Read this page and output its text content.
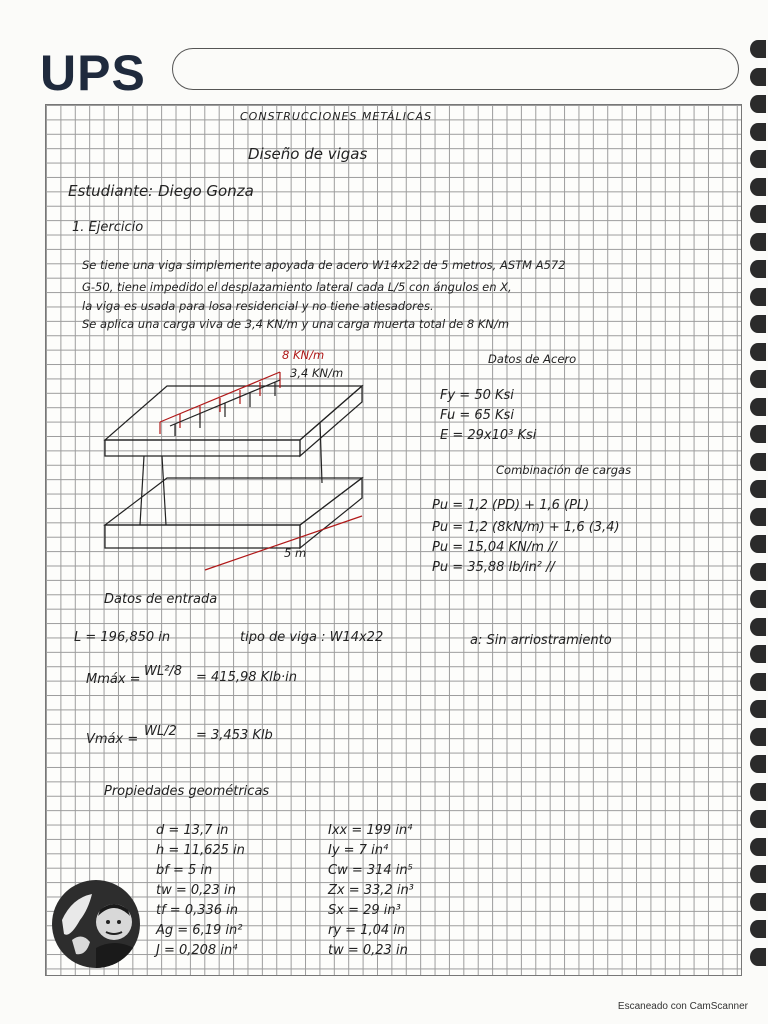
UPS
CONSTRUCCIONES METÁLICAS
Diseño de vigas
Estudiante: Diego Gonza
1. Ejercicio
Se tiene una viga simplemente apoyada de acero W14x22 de 5 metros, ASTM A572
G-50, tiene impedido el desplazamiento lateral cada L/5 con ángulos en X,
la viga es usada para losa residencial y no tiene atiesadores.
Se aplica una carga viva de 3,4 KN/m y una carga muerta total de 8 KN/m
8 KN/m
3,4 KN/m
5 m
Datos de Acero
Fy = 50 Ksi
Fu = 65 Ksi
E = 29x10³ Ksi
Combinación de cargas
Pu = 1,2 (PD) + 1,6 (PL)
Pu = 1,2 (8kN/m) + 1,6 (3,4)
Pu = 15,04 KN/m //
Pu = 35,88 lb/in² //
Datos de entrada
L = 196,850 in	tipo de viga : W14x22	a: Sin arriostramiento
Mmáx =
WL²/8 = 415,98 Klb·in
Vmáx =
WL/2 = 3,453 Klb
Propiedades geométricas
d = 13,7 in
h = 11,625 in
bf = 5 in
tw = 0,23 in
tf = 0,336 in
Ag = 6,19 in²
J = 0,208 in⁴
Ixx = 199 in⁴
Iy = 7 in⁴
Cw = 314 in⁵
Zx = 33,2 in³
Sx = 29 in³
ry = 1,04 in
tw = 0,23 in
Escaneado con CamScanner
